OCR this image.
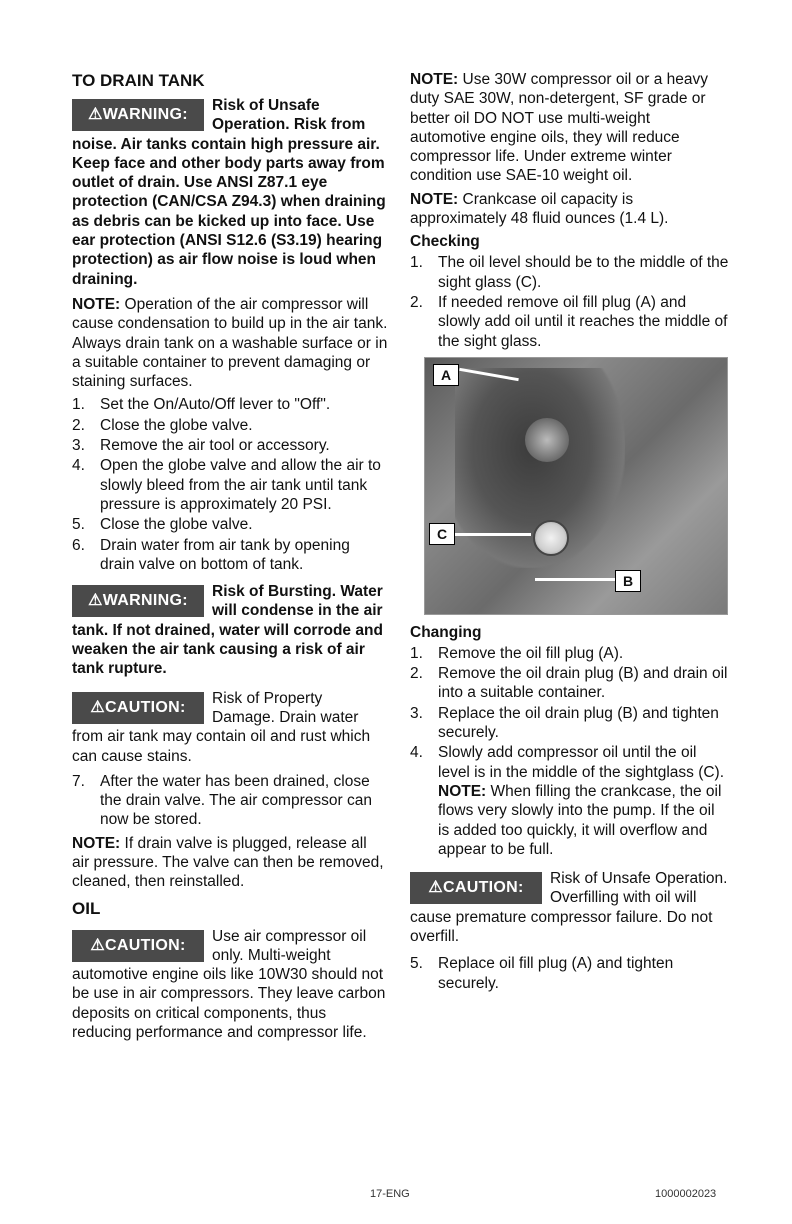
TO DRAIN TANK
⚠WARNING:
Risk of Unsafe Operation. Risk from noise. Air tanks contain high pressure air. Keep face and other body parts away from outlet of drain. Use ANSI Z87.1 eye protection (CAN/CSA Z94.3) when draining as debris can be kicked up into face. Use ear protection (ANSI S12.6 (S3.19) hearing protection) as air flow noise is loud when draining.

NOTE: Operation of the air compressor will cause condensation to build up in the air tank. Always drain tank on a washable surface or in a suitable container to prevent damaging or staining surfaces.

1. Set the On/Auto/Off lever to "Off".
2. Close the globe valve.
3. Remove the air tool or accessory.
4. Open the globe valve and allow the air to slowly bleed from the air tank until tank pressure is approximately 20 PSI.
5. Close the globe valve.
6. Drain water from air tank by opening drain valve on bottom of tank.
⚠WARNING:
Risk of Bursting. Water will condense in the air tank. If not drained, water will corrode and weaken the air tank causing a risk of air tank rupture.
⚠CAUTION:
Risk of Property Damage. Drain water from air tank may contain oil and rust which can cause stains.
7. After the water has been drained, close the drain valve. The air compressor can now be stored.

NOTE: If drain valve is plugged, release all air pressure. The valve can then be removed, cleaned, then reinstalled.

OIL
⚠CAUTION:
Use air compressor oil only. Multi-weight automotive engine oils like 10W30 should not be use in air compressors. They leave carbon deposits on critical components, thus reducing performance and compressor life.

NOTE: Use 30W compressor oil or a heavy duty SAE 30W, non-detergent, SF grade or better oil DO NOT use multi-weight automotive engine oils, they will reduce compressor life. Under extreme winter condition use SAE-10 weight oil.

NOTE: Crankcase oil capacity is approximately 48 fluid ounces (1.4 L).

Checking
1. The oil level should be to the middle of the sight glass (C).
2. If needed remove oil fill plug (A) and slowly add oil until it reaches the middle of the sight glass.
A
C
B
Changing
1. Remove the oil fill plug (A).
2. Remove the oil drain plug (B) and drain oil into a suitable container.
3. Replace the oil drain plug (B) and tighten securely.
4. Slowly add compressor oil until the oil level is in the middle of the sightglass (C). NOTE: When filling the crankcase, the oil flows very slowly into the pump. If the oil is added too quickly, it will overflow and appear to be full.
⚠CAUTION:
Risk of Unsafe Operation. Overfilling with oil will cause premature compressor failure. Do not overfill.
5. Replace oil fill plug (A) and tighten securely.
17-ENG	1000002023
